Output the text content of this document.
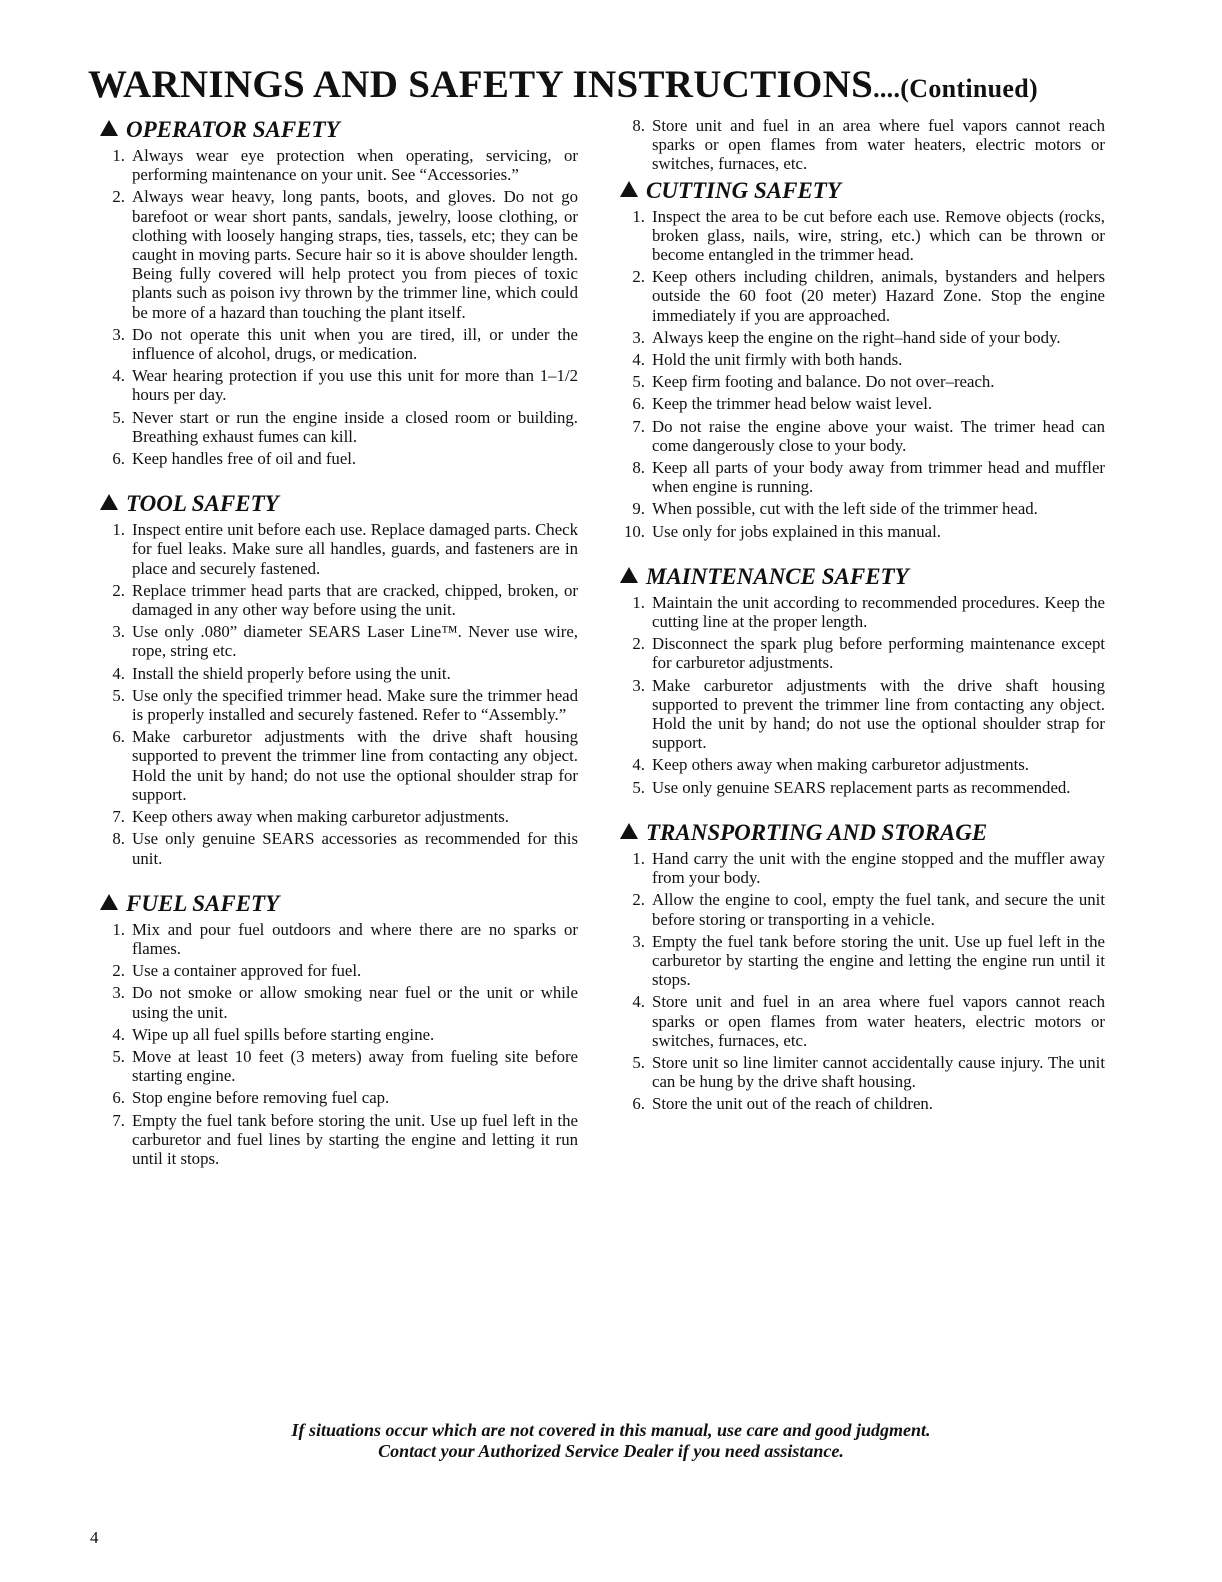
WARNINGS AND SAFETY INSTRUCTIONS....(Continued)
OPERATOR SAFETY
1. Always wear eye protection when operating, servicing, or performing maintenance on your unit. See “Accessories.”
2. Always wear heavy, long pants, boots, and gloves. Do not go barefoot or wear short pants, sandals, jewelry, loose clothing, or clothing with loosely hanging straps, ties, tassels, etc; they can be caught in moving parts. Secure hair so it is above shoulder length. Being fully covered will help protect you from pieces of toxic plants such as poison ivy thrown by the trimmer line, which could be more of a hazard than touching the plant itself.
3. Do not operate this unit when you are tired, ill, or under the influence of alcohol, drugs, or medication.
4. Wear hearing protection if you use this unit for more than 1–1/2 hours per day.
5. Never start or run the engine inside a closed room or building. Breathing exhaust fumes can kill.
6. Keep handles free of oil and fuel.
TOOL SAFETY
1. Inspect entire unit before each use. Replace damaged parts. Check for fuel leaks. Make sure all handles, guards, and fasteners are in place and securely fastened.
2. Replace trimmer head parts that are cracked, chipped, broken, or damaged in any other way before using the unit.
3. Use only .080” diameter SEARS Laser Line™. Never use wire, rope, string etc.
4. Install the shield properly before using the unit.
5. Use only the specified trimmer head. Make sure the trimmer head is properly installed and securely fastened. Refer to “Assembly.”
6. Make carburetor adjustments with the drive shaft housing supported to prevent the trimmer line from contacting any object. Hold the unit by hand; do not use the optional shoulder strap for support.
7. Keep others away when making carburetor adjustments.
8. Use only genuine SEARS accessories as recommended for this unit.
FUEL SAFETY
1. Mix and pour fuel outdoors and where there are no sparks or flames.
2. Use a container approved for fuel.
3. Do not smoke or allow smoking near fuel or the unit or while using the unit.
4. Wipe up all fuel spills before starting engine.
5. Move at least 10 feet (3 meters) away from fueling site before starting engine.
6. Stop engine before removing fuel cap.
7. Empty the fuel tank before storing the unit. Use up fuel left in the carburetor and fuel lines by starting the engine and letting it run until it stops.
8. Store unit and fuel in an area where fuel vapors cannot reach sparks or open flames from water heaters, electric motors or switches, furnaces, etc.
CUTTING SAFETY
1. Inspect the area to be cut before each use. Remove objects (rocks, broken glass, nails, wire, string, etc.) which can be thrown or become entangled in the trimmer head.
2. Keep others including children, animals, bystanders and helpers outside the 60 foot (20 meter) Hazard Zone. Stop the engine immediately if you are approached.
3. Always keep the engine on the right–hand side of your body.
4. Hold the unit firmly with both hands.
5. Keep firm footing and balance. Do not over–reach.
6. Keep the trimmer head below waist level.
7. Do not raise the engine above your waist. The trimer head can come dangerously close to your body.
8. Keep all parts of your body away from trimmer head and muffler when engine is running.
9. When possible, cut with the left side of the trimmer head.
10. Use only for jobs explained in this manual.
MAINTENANCE SAFETY
1. Maintain the unit according to recommended procedures. Keep the cutting line at the proper length.
2. Disconnect the spark plug before performing maintenance except for carburetor adjustments.
3. Make carburetor adjustments with the drive shaft housing supported to prevent the trimmer line from contacting any object. Hold the unit by hand; do not use the optional shoulder strap for support.
4. Keep others away when making carburetor adjustments.
5. Use only genuine SEARS replacement parts as recommended.
TRANSPORTING AND STORAGE
1. Hand carry the unit with the engine stopped and the muffler away from your body.
2. Allow the engine to cool, empty the fuel tank, and secure the unit before storing or transporting in a vehicle.
3. Empty the fuel tank before storing the unit. Use up fuel left in the carburetor by starting the engine and letting the engine run until it stops.
4. Store unit and fuel in an area where fuel vapors cannot reach sparks or open flames from water heaters, electric motors or switches, furnaces, etc.
5. Store unit so line limiter cannot accidentally cause injury. The unit can be hung by the drive shaft housing.
6. Store the unit out of the reach of children.
If situations occur which are not covered in this manual, use care and good judgment.
Contact your Authorized Service Dealer if you need assistance.
4
